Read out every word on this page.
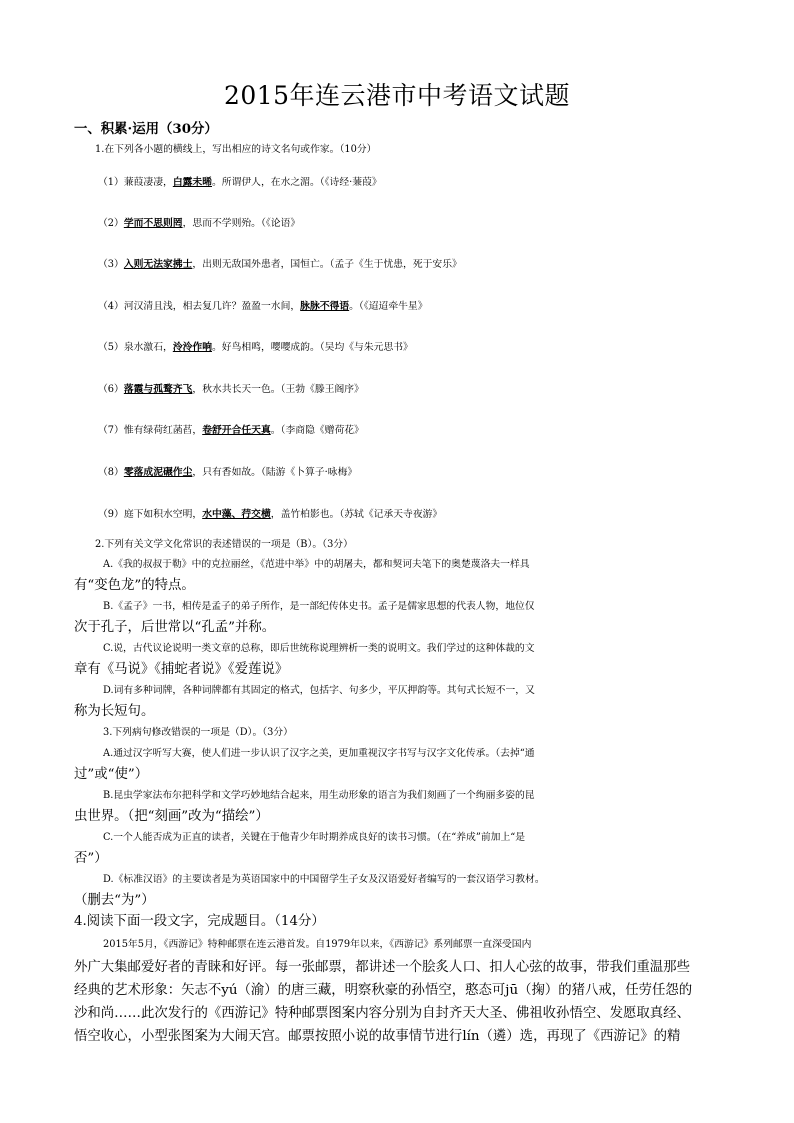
2015年连云港市中考语文试题
一、积累·运用（30分）
1.在下列各小题的横线上，写出相应的诗文名句或作家。（10分）
（1）蒹葭凄凄，白露未晞。所谓伊人，在水之湄。（《诗经·蒹葭》
（2）学而不思则罔，思而不学则殆。（《论语》
（3）入则无法家拂士，出则无敌国外患者，国恒亡。（孟子《生于忧患，死于安乐》
（4）河汉清且浅，相去复几许？盈盈一水间，脉脉不得语。（《迢迢牵牛星》
（5）泉水激石，泠泠作响。好鸟相鸣，嘤嘤成韵。（吴均《与朱元思书》
（6）落霞与孤鹜齐飞，秋水共长天一色。（王勃《滕王阁序》
（7）惟有绿荷红菡萏，卷舒开合任天真。（李商隐《赠荷花》
（8）零落成泥碾作尘，只有香如故。（陆游《卜算子·咏梅》
（9）庭下如积水空明，水中藻、荇交横，盖竹柏影也。（苏轼《记承天寺夜游》
2.下列有关文学文化常识的表述错误的一项是（B）。（3分）
A.《我的叔叔于勒》中的克拉丽丝，《范进中举》中的胡屠夫，都和契诃夫笔下的奥楚蔑洛夫一样具
有“变色龙”的特点。
B.《孟子》一书，相传是孟子的弟子所作，是一部纪传体史书。孟子是儒家思想的代表人物，地位仅
次于孔子，后世常以“孔孟”并称。
C.说，古代议论说明一类文章的总称，即后世统称说理辨析一类的说明文。我们学过的这种体裁的文
章有《马说》《捕蛇者说》《爱莲说》
D.词有多种词牌，各种词牌都有其固定的格式，包括字、句多少，平仄押韵等。其句式长短不一，又
称为长短句。
3.下列病句修改错误的一项是（D）。（3分）
A.通过汉字听写大赛，使人们进一步认识了汉字之美，更加重视汉字书写与汉字文化传承。（去掉“通
过”或“使”）
B.昆虫学家法布尔把科学和文学巧妙地结合起来，用生动形象的语言为我们刻画了一个绚丽多姿的昆
虫世界。（把“刻画”改为“描绘”）
C.一个人能否成为正直的读者，关键在于他青少年时期养成良好的读书习惯。（在“养成”前加上“是
否”）
D.《标准汉语》的主要读者是为英语国家中的中国留学生子女及汉语爱好者编写的一套汉语学习教材。
（删去“为”）
4.阅读下面一段文字，完成题目。（14分）
2015年5月，《西游记》特种邮票在连云港首发。自1979年以来，《西游记》系列邮票一直深受国内
外广大集邮爱好者的青睐和好评。每一张邮票，都讲述一个脍炙人口、扣人心弦的故事，带我们重温那些
经典的艺术形象：矢志不yú（渝）的唐三藏，明察秋豪的孙悟空，憨态可jū（掬）的猪八戒，任劳任怨的
沙和尚……此次发行的《西游记》特种邮票图案内容分别为自封齐天大圣、佛祖收孙悟空、发愿取真经、
悟空收心，小型张图案为大闹天宫。邮票按照小说的故事情节进行lín（遴）选，再现了《西游记》的精
